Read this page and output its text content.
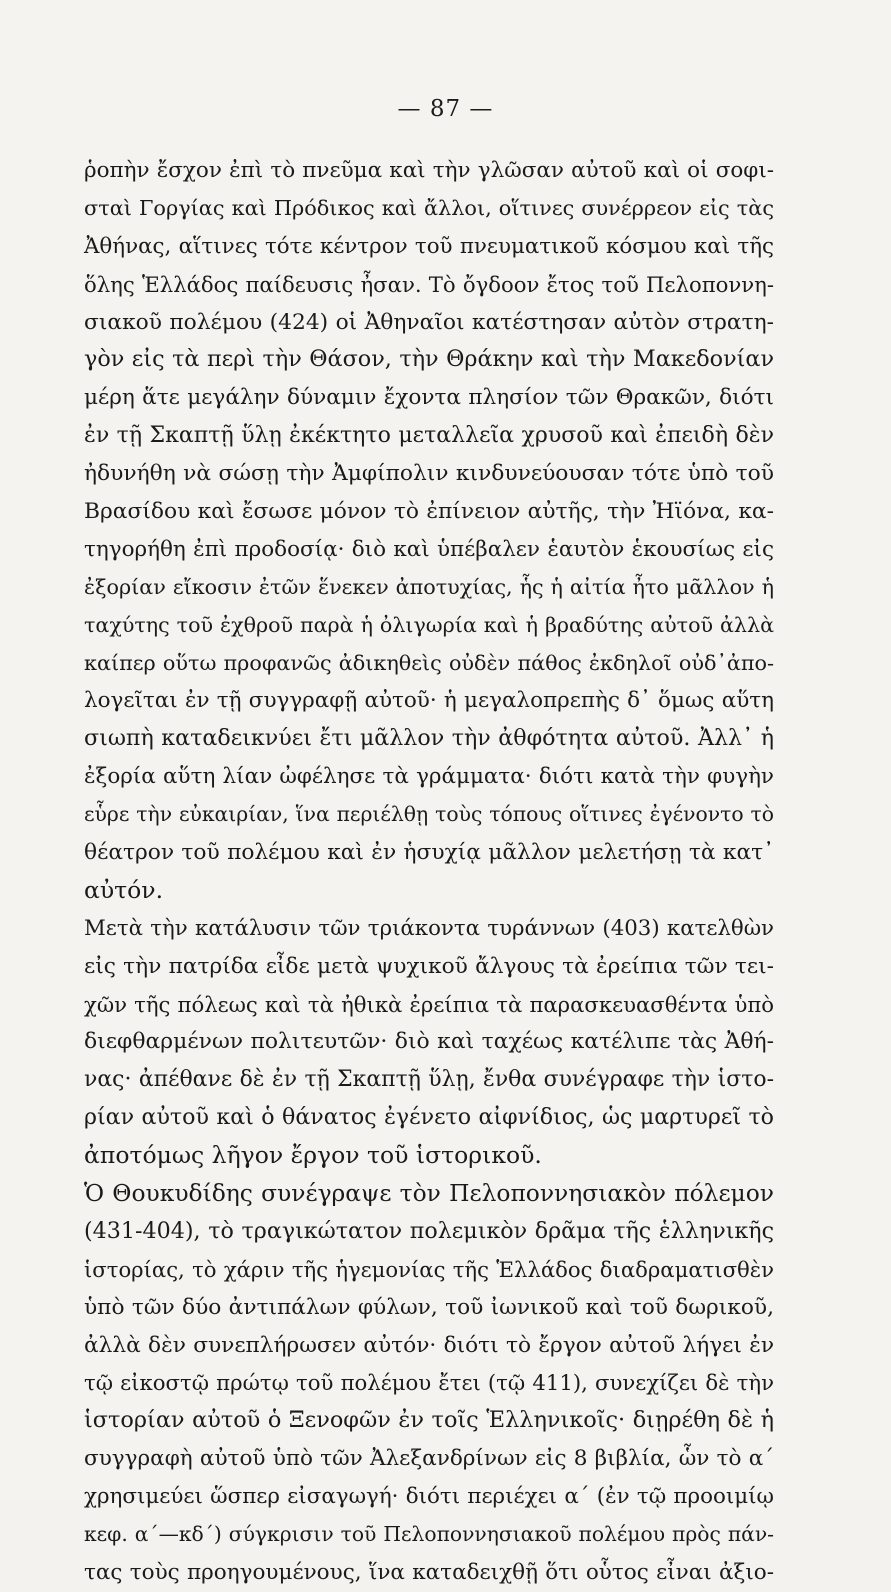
— 87 —
ῥοπὴν ἔσχον ἐπὶ τὸ πνεῦμα καὶ τὴν γλῶσαν αὐτοῦ καὶ οἱ σοφι-
σταὶ Γοργίας καὶ Πρόδικος καὶ ἄλλοι, οἵτινες συνέρρεον εἰς τὰς
Ἀθήνας, αἵτινες τότε κέντρον τοῦ πνευματικοῦ κόσμου καὶ τῆς
ὅλης Ἑλλάδος παίδευσις ἦσαν. Τὸ ὄγδοον ἔτος τοῦ Πελοποννη-
σιακοῦ πολέμου (424) οἱ Ἀθηναῖοι κατέστησαν αὐτὸν στρατη-
γὸν εἰς τὰ περὶ τὴν Θάσον, τὴν Θράκην καὶ τὴν Μακεδονίαν
μέρη ἅτε μεγάλην δύναμιν ἔχοντα πλησίον τῶν Θρακῶν, διότι
ἐν τῇ Σκαπτῇ ὕλῃ ἐκέκτητο μεταλλεῖα χρυσοῦ καὶ ἐπειδὴ δὲν
ἠδυνήθη νὰ σώσῃ τὴν Ἀμφίπολιν κινδυνεύουσαν τότε ὑπὸ τοῦ
Βρασίδου καὶ ἔσωσε μόνον τὸ ἐπίνειον αὐτῆς, τὴν Ἠϊόνα, κα-
τηγορήθη ἐπὶ προδοσίᾳ· διὸ καὶ ὑπέβαλεν ἑαυτὸν ἑκουσίως εἰς
ἐξορίαν εἴκοσιν ἐτῶν ἕνεκεν ἀποτυχίας, ἧς ἡ αἰτία ἦτο μᾶλλον ἡ
ταχύτης τοῦ ἐχθροῦ παρὰ ἡ ὀλιγωρία καὶ ἡ βραδύτης αὐτοῦ ἀλλὰ
καίπερ οὕτω προφανῶς ἀδικηθεὶς οὐδὲν πάθος ἐκδηλοῖ οὐδ᾽ἀπο-
λογεῖται ἐν τῇ συγγραφῇ αὐτοῦ· ἡ μεγαλοπρεπὴς δ᾽ ὅμως αὕτη
σιωπὴ καταδεικνύει ἔτι μᾶλλον τὴν ἀθφότητα αὐτοῦ. Ἀλλ᾽ ἡ
ἐξορία αὕτη λίαν ὠφέλησε τὰ γράμματα· διότι κατὰ τὴν φυγὴν
εὗρε τὴν εὐκαιρίαν, ἵνα περιέλθῃ τοὺς τόπους οἵτινες ἐγένοντο τὸ
θέατρον τοῦ πολέμου καὶ ἐν ἡσυχίᾳ μᾶλλον μελετήσῃ τὰ κατ᾽
αὐτόν.
Μετὰ τὴν κατάλυσιν τῶν τριάκοντα τυράννων (403) κατελθὼν
εἰς τὴν πατρίδα εἶδε μετὰ ψυχικοῦ ἄλγους τὰ ἐρείπια τῶν τει-
χῶν τῆς πόλεως καὶ τὰ ἠθικὰ ἐρείπια τὰ παρασκευασθέντα ὑπὸ
διεφθαρμένων πολιτευτῶν· διὸ καὶ ταχέως κατέλιπε τὰς Ἀθή-
νας· ἀπέθανε δὲ ἐν τῇ Σκαπτῇ ὕλῃ, ἔνθα συνέγραφε τὴν ἱστο-
ρίαν αὐτοῦ καὶ ὁ θάνατος ἐγένετο αἰφνίδιος, ὡς μαρτυρεῖ τὸ
ἀποτόμως λῆγον ἔργον τοῦ ἱστορικοῦ.
Ὁ Θουκυδίδης συνέγραψε τὸν Πελοποννησιακὸν πόλεμον
(431-404), τὸ τραγικώτατον πολεμικὸν δρᾶμα τῆς ἑλληνικῆς
ἱστορίας, τὸ χάριν τῆς ἡγεμονίας τῆς Ἑλλάδος διαδραματισθὲν
ὑπὸ τῶν δύο ἀντιπάλων φύλων, τοῦ ἰωνικοῦ καὶ τοῦ δωρικοῦ,
ἀλλὰ δὲν συνεπλήρωσεν αὐτόν· διότι τὸ ἔργον αὐτοῦ λήγει ἐν
τῷ εἰκοστῷ πρώτῳ τοῦ πολέμου ἔτει (τῷ 411), συνεχίζει δὲ τὴν
ἱστορίαν αὐτοῦ ὁ Ξενοφῶν ἐν τοῖς Ἑλληνικοῖς· διῃρέθη δὲ ἡ
συγγραφὴ αὐτοῦ ὑπὸ τῶν Ἀλεξανδρίνων εἰς 8 βιβλία, ὧν τὸ α´
χρησιμεύει ὥσπερ εἰσαγωγή· διότι περιέχει α´ (ἐν τῷ προοιμίῳ
κεφ. α´—κδ´) σύγκρισιν τοῦ Πελοποννησιακοῦ πολέμου πρὸς πάν-
τας τοὺς προηγουμένους, ἵνα καταδειχθῇ ὅτι οὗτος εἶναι ἀξιο-
